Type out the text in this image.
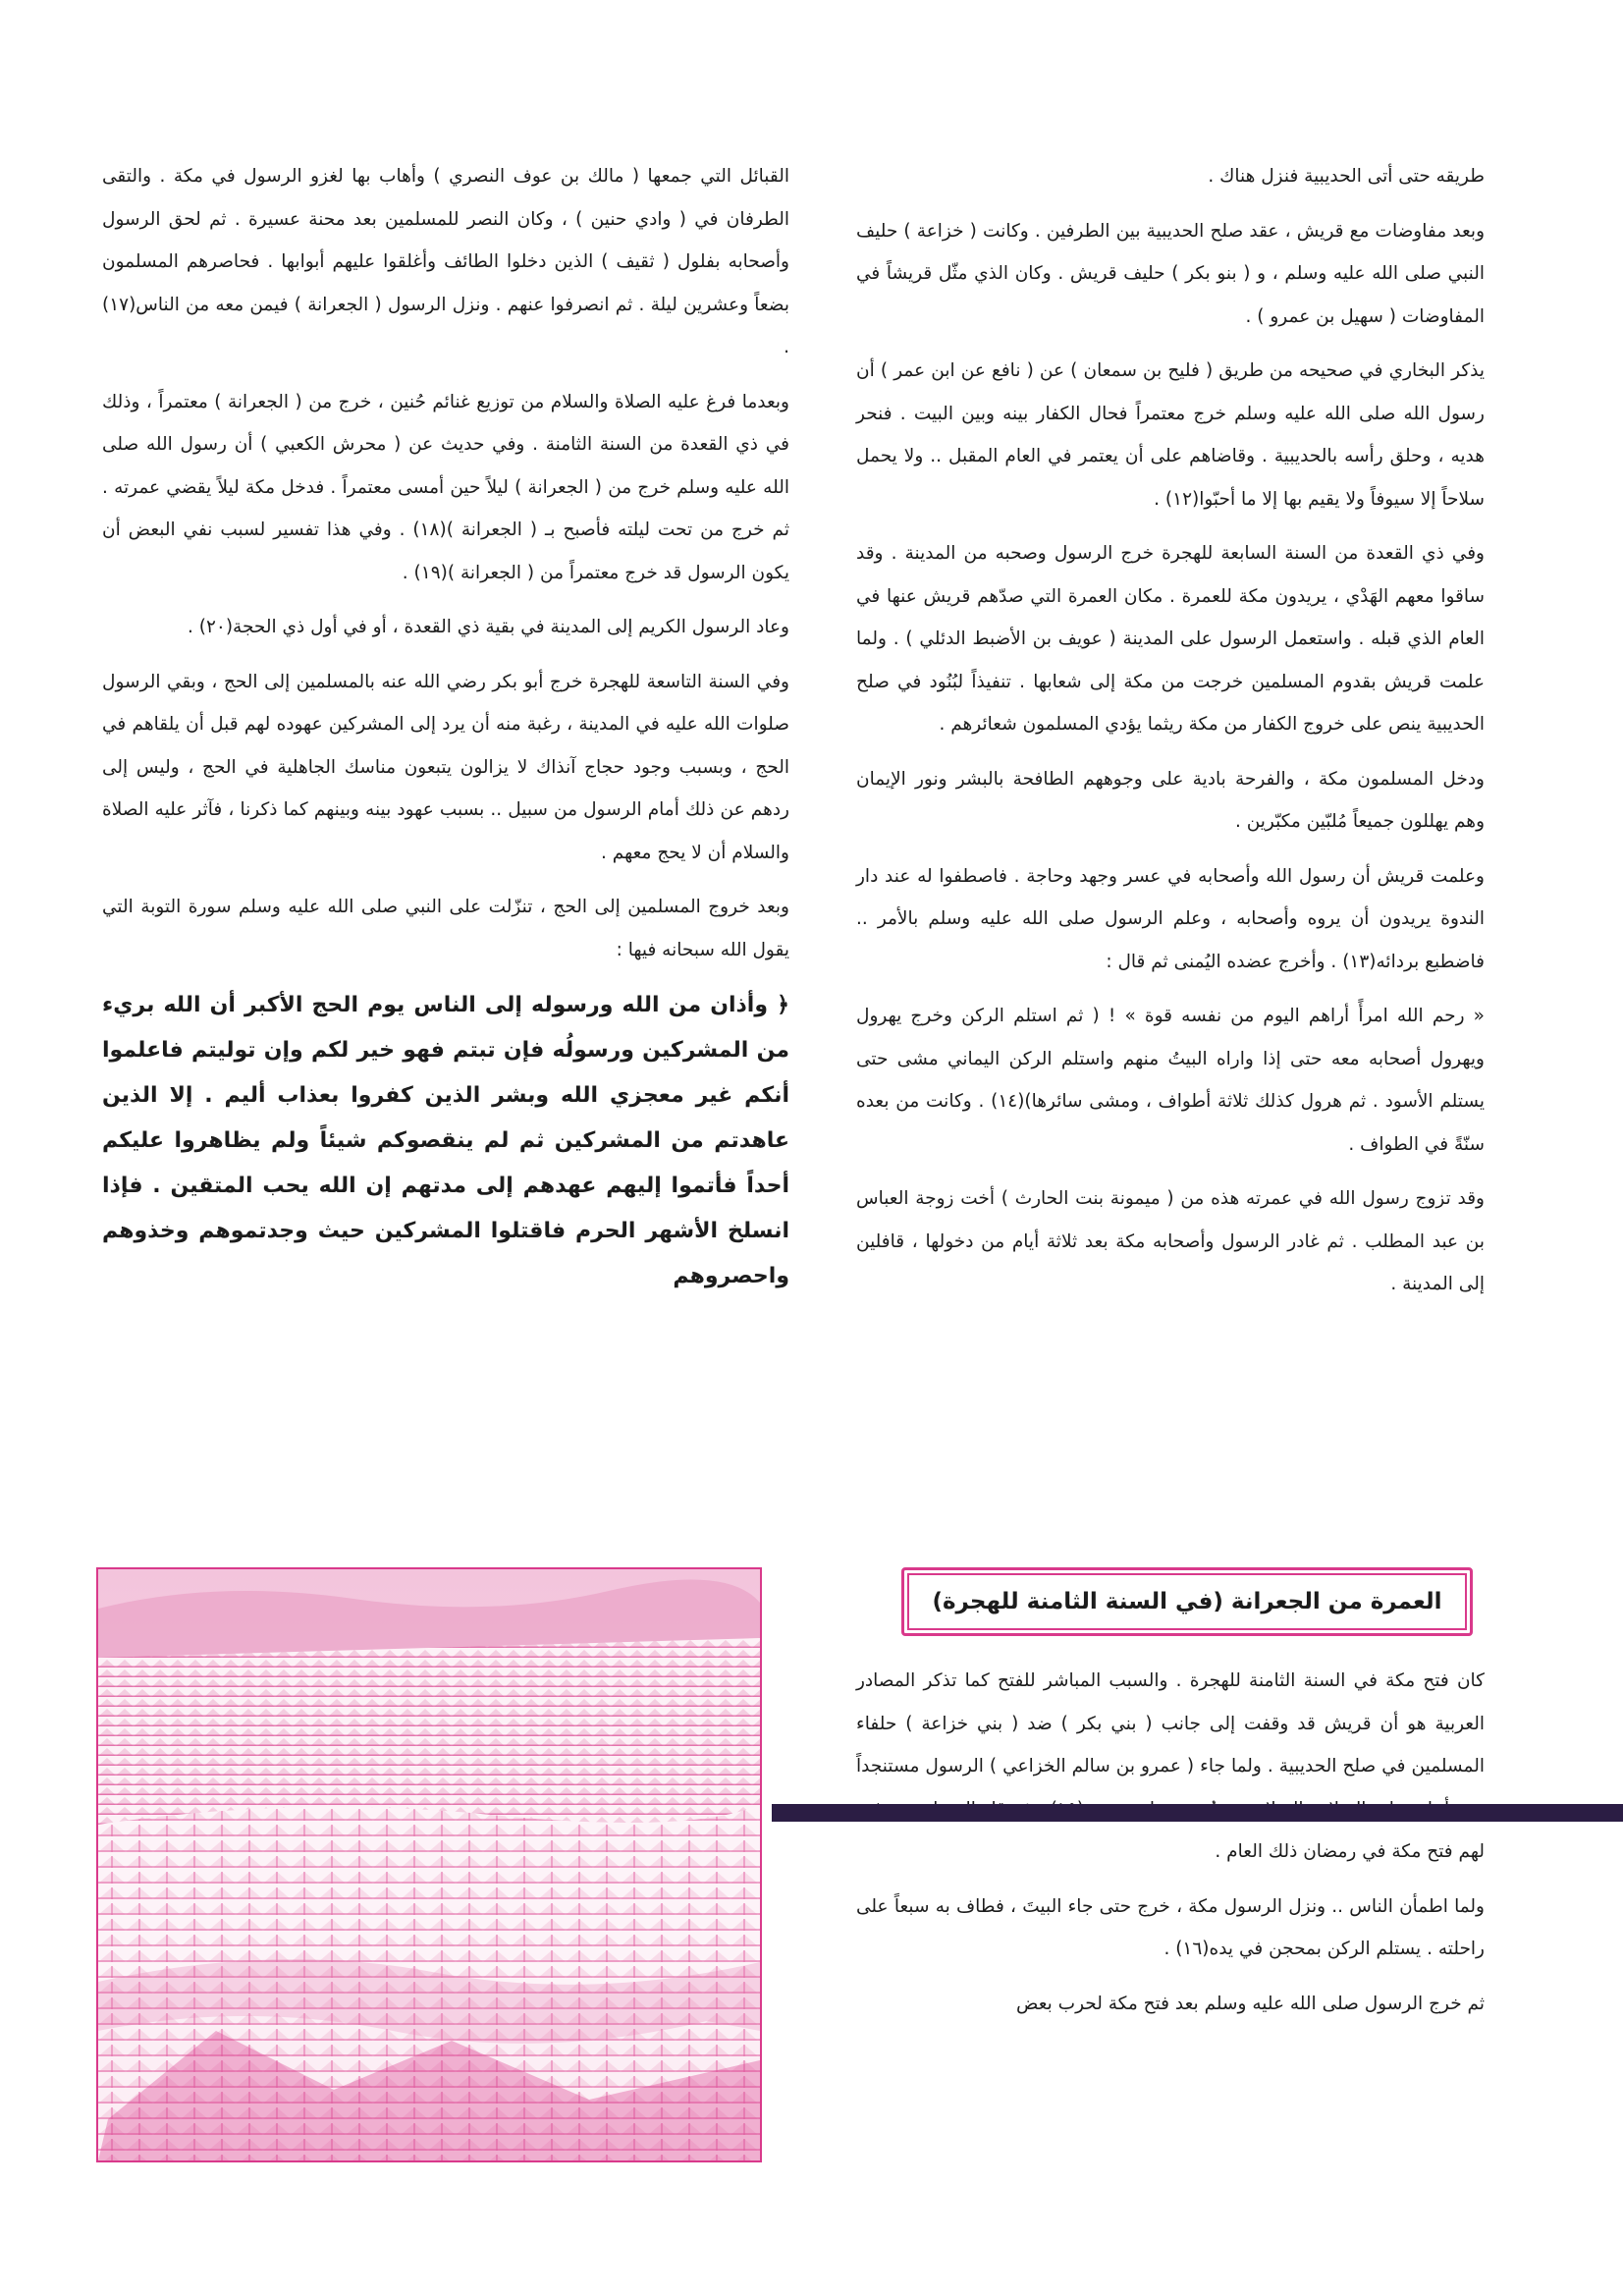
طريقه حتى أتى الحديبية فنزل هناك .

وبعد مفاوضات مع قريش ، عقد صلح الحديبية بين الطرفين . وكانت ( خزاعة ) حليف النبي صلى الله عليه وسلم ، و ( بنو بكر ) حليف قريش . وكان الذي مثّل قريشاً في المفاوضات ( سهيل بن عمرو ) .

يذكر البخاري في صحيحه من طريق ( فليح بن سمعان ) عن ( نافع عن ابن عمر ) أن رسول الله صلى الله عليه وسلم خرج معتمراً فحال الكفار بينه وبين البيت . فنحر هديه ، وحلق رأسه بالحديبية . وقاضاهم على أن يعتمر في العام المقبل .. ولا يحمل سلاحاً إلا سيوفاً ولا يقيم بها إلا ما أحبّوا(١٢) .

وفي ذي القعدة من السنة السابعة للهجرة خرج الرسول وصحبه من المدينة . وقد ساقوا معهم الهَدْي ، يريدون مكة للعمرة . مكان العمرة التي صدّهم قريش عنها في العام الذي قبله . واستعمل الرسول على المدينة ( عويف بن الأضبط الدئلي ) . ولما علمت قريش بقدوم المسلمين خرجت من مكة إلى شعابها . تنفيذاً لبُنُود في صلح الحديبية ينص على خروج الكفار من مكة ريثما يؤدي المسلمون شعائرهم .

ودخل المسلمون مكة ، والفرحة بادية على وجوههم الطافحة بالبشر ونور الإيمان وهم يهللون جميعاً مُلبّين مكبّرين .

وعلمت قريش أن رسول الله وأصحابه في عسر وجهد وحاجة . فاصطفوا له عند دار الندوة يريدون أن يروه وأصحابه ، وعلم الرسول صلى الله عليه وسلم بالأمر .. فاضطبع بردائه(١٣) . وأخرج عضده اليُمنى ثم قال :

« رحم الله امرأً أراهم اليوم من نفسه قوة » ! ( ثم استلم الركن وخرج يهرول ويهرول أصحابه معه حتى إذا واراه البيتُ منهم واستلم الركن اليماني مشى حتى يستلم الأسود . ثم هرول كذلك ثلاثة أطواف ، ومشى سائرها)(١٤) . وكانت من بعده سنّةً في الطواف .

وقد تزوج رسول الله في عمرته هذه من ( ميمونة بنت الحارث ) أخت زوجة العباس بن عبد المطلب . ثم غادر الرسول وأصحابه مكة بعد ثلاثة أيام من دخولها ، قافلين إلى المدينة .

العمرة من الجعرانة (في السنة الثامنة للهجرة)

كان فتح مكة في السنة الثامنة للهجرة . والسبب المباشر للفتح كما تذكر المصادر العربية هو أن قريش قد وقفت إلى جانب ( بني بكر ) ضد ( بني خزاعة ) حلفاء المسلمين في صلح الحديبية . ولما جاء ( عمرو بن سالم الخزاعي ) الرسول مستنجداً لهم فتح مكة في رمضان ذلك العام .

ولما اطمأن الناس .. ونزل الرسول مكة ، خرج حتى جاء البيتَ ، فطاف به سبعاً على راحلته . يستلم الركن بمحجن في يده(١٦) .

ثم خرج الرسول صلى الله عليه وسلم بعد فتح مكة لحرب بعض

القبائل التي جمعها ( مالك بن عوف النصري ) وأهاب بها لغزو الرسول في مكة . والتقى الطرفان في ( وادي حنين ) ، وكان النصر للمسلمين بعد محنة عسيرة . ثم لحق الرسول وأصحابه بفلول ( ثقيف ) الذين دخلوا الطائف وأغلقوا عليهم أبوابها . فحاصرهم المسلمون بضعاً وعشرين ليلة . ثم انصرفوا عنهم . ونزل الرسول ( الجعرانة ) فيمن معه من الناس(١٧) .

وبعدما فرغ عليه الصلاة والسلام من توزيع غنائم حُنين ، خرج من ( الجعرانة ) معتمراً ، وذلك في ذي القعدة من السنة الثامنة . وفي حديث عن ( محرش الكعبي ) أن رسول الله صلى الله عليه وسلم خرج من ( الجعرانة ) ليلاً حين أمسى معتمراً . فدخل مكة ليلاً يقضي عمرته . ثم خرج من تحت ليلته فأصبح بـ ( الجعرانة )(١٨) . وفي هذا تفسير لسبب نفي البعض أن يكون الرسول قد خرج معتمراً من ( الجعرانة )(١٩) .

وعاد الرسول الكريم إلى المدينة في بقية ذي القعدة ، أو في أول ذي الحجة(٢٠) .

وفي السنة التاسعة للهجرة خرج أبو بكر رضي الله عنه بالمسلمين إلى الحج ، وبقي الرسول صلوات الله عليه في المدينة ، رغبة منه أن يرد إلى المشركين عهوده لهم قبل أن يلقاهم في الحج ، وبسبب وجود حجاج آنذاك لا يزالون يتبعون مناسك الجاهلية في الحج ، وليس إلى ردهم عن ذلك أمام الرسول من سبيل .. بسبب عهود بينه وبينهم كما ذكرنا ، فآثر عليه الصلاة والسلام أن لا يحج معهم .

وبعد خروج المسلمين إلى الحج ، تنزّلت على النبي صلى الله عليه وسلم سورة التوبة التي يقول الله سبحانه فيها :

﴿ وأذان من الله ورسوله إلى الناس يوم الحج الأكبر أن الله بريء من المشركين ورسولُه فإن تبتم فهو خير لكم وإن توليتم فاعلموا أنكم غير معجزي الله وبشر الذين كفروا بعذاب أليم . إلا الذين عاهدتم من المشركين ثم لم ينقصوكم شيئاً ولم يظاهروا عليكم أحداً فأتموا إليهم عهدهم إلى مدتهم إن الله يحب المتقين . فإذا انسلخ الأشهر الحرم فاقتلوا المشركين حيث وجدتموهم وخذوهم واحصروهم
